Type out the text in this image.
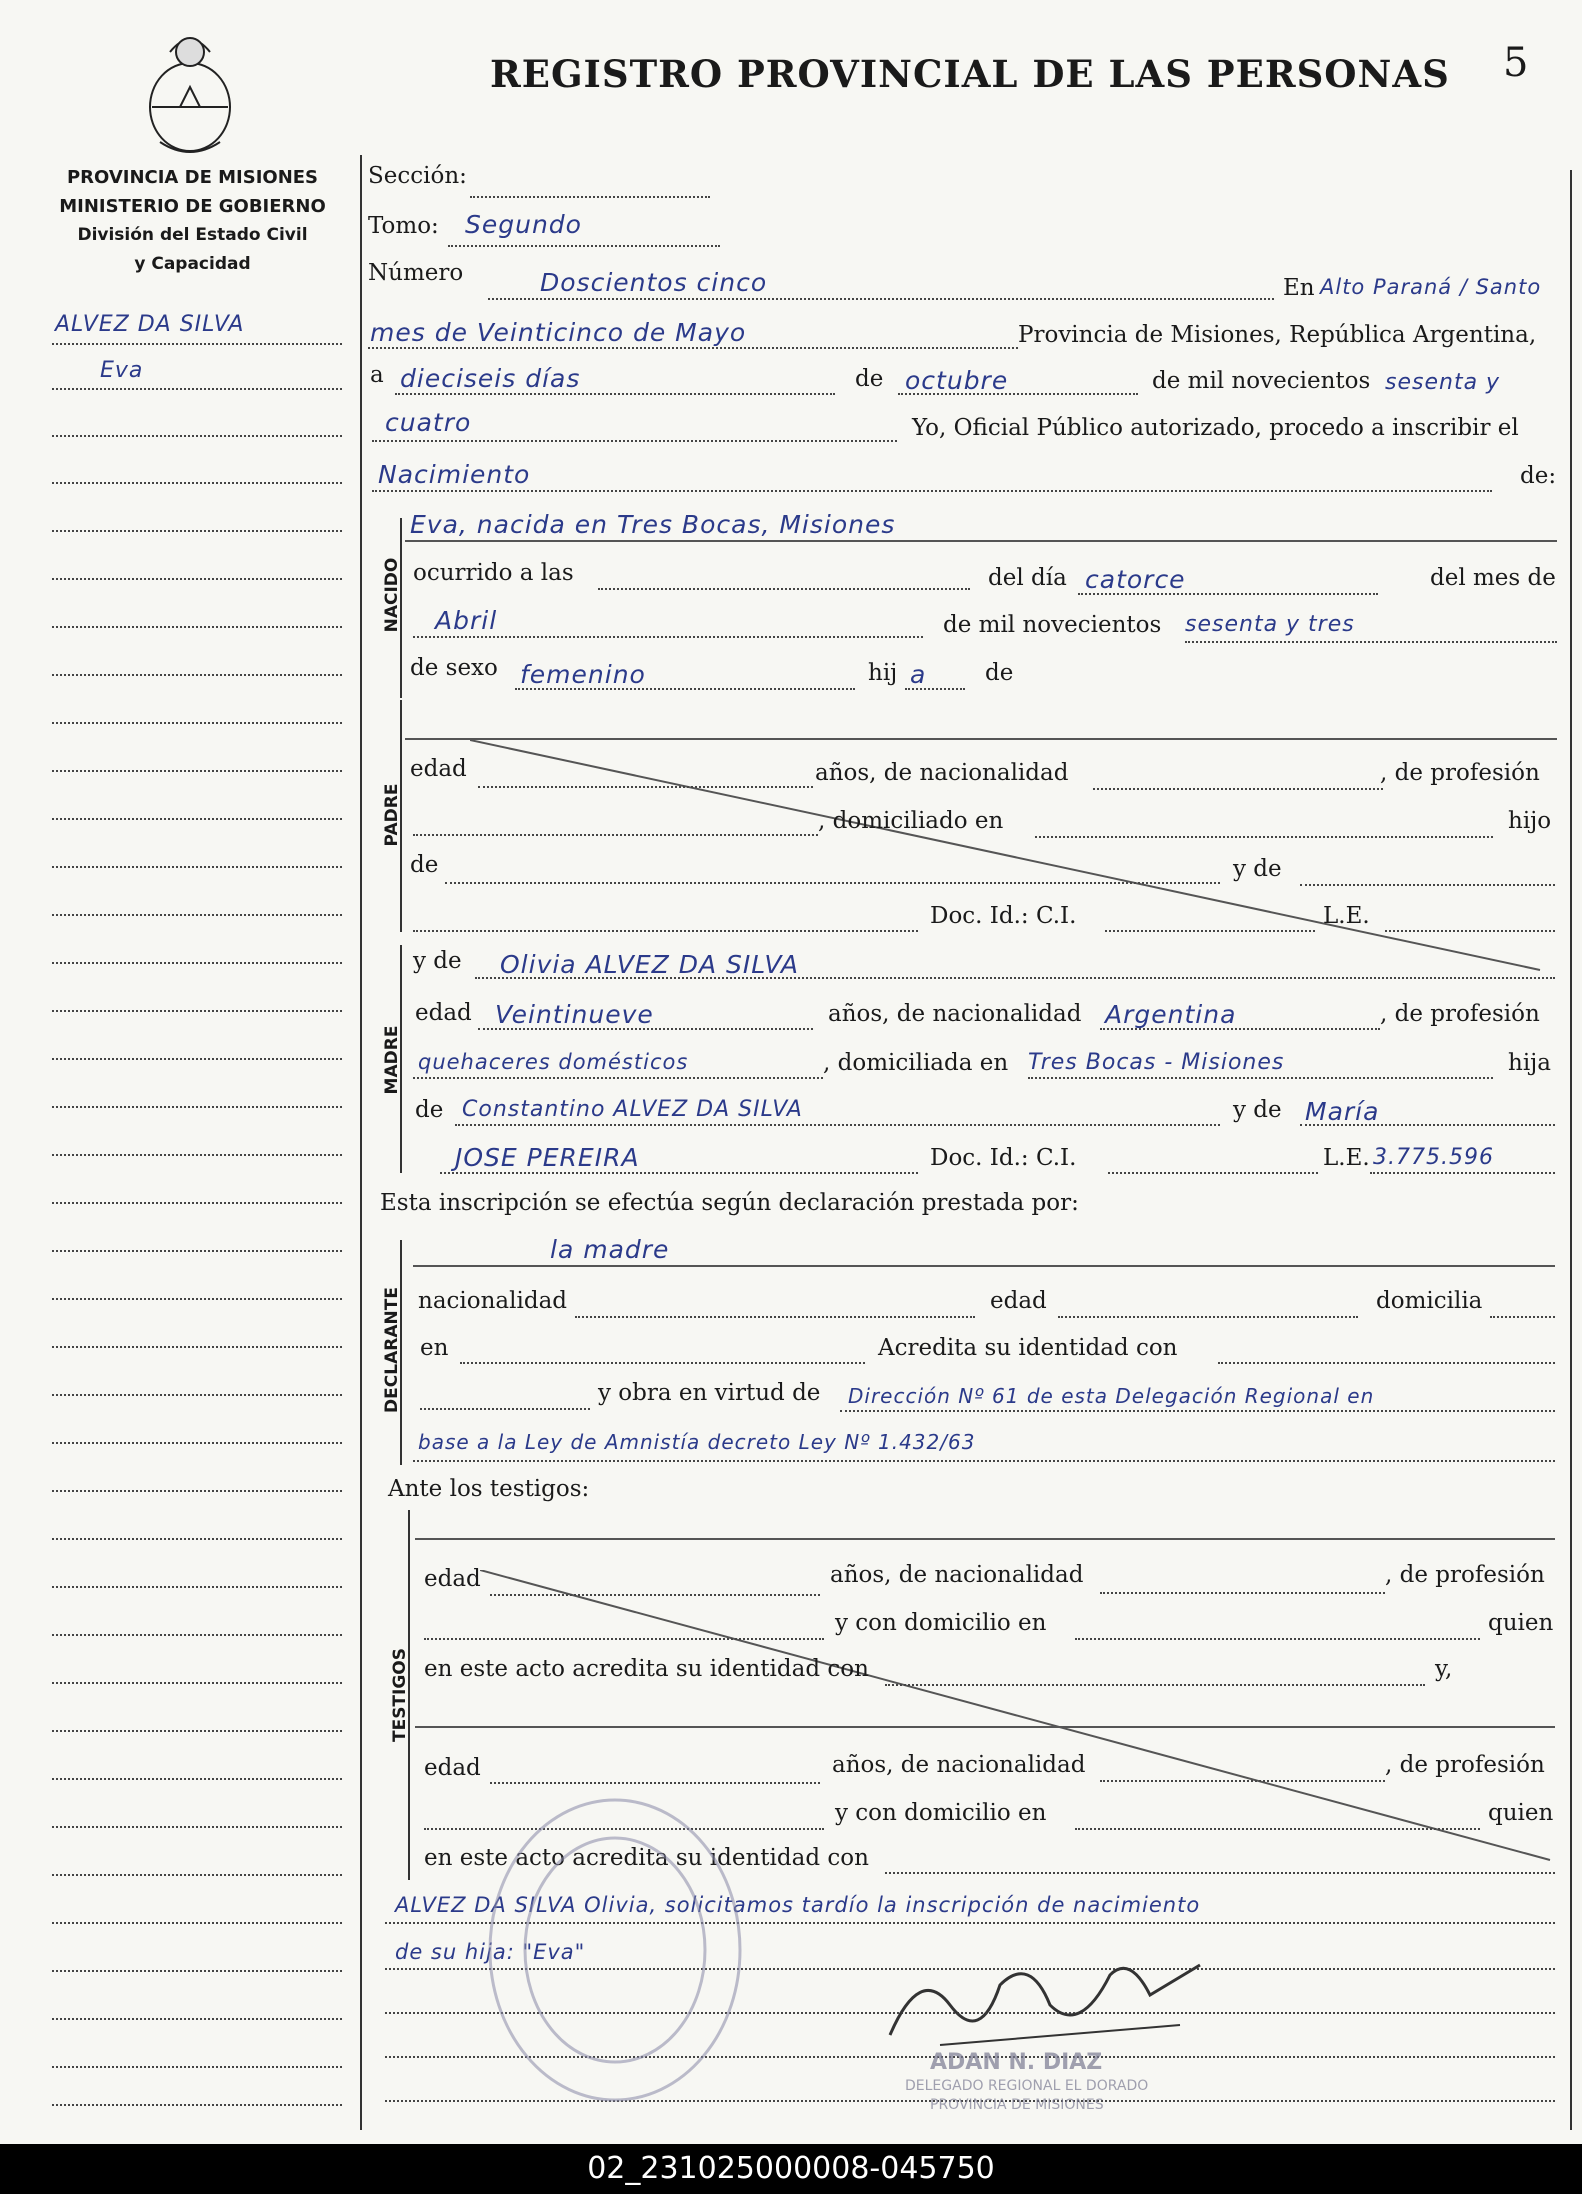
REGISTRO PROVINCIAL DE LAS PERSONAS 5
PROVINCIA DE MISIONES
MINISTERIO DE GOBIERNO
División del Estado Civil
y Capacidad
ALVEZ DA SILVA
Eva
Sección:
Tomo: Segundo
Número	Doscientos cinco	En Alto Paraná / Santo
mes de Veinticinco de Mayo	Provincia de Misiones, República Argentina,
a dieciseis días	de octubre	de mil novecientos sesenta y
cuatro	Yo, Oficial Público autorizado, procedo a inscribir el
Nacimiento	de:
NACIDO
Eva, nacida en Tres Bocas, Misiones
ocurrido a las	del día catorce	del mes de
Abril	de mil novecientos sesenta y tres
de sexo femenino	hij a	de
PADRE
edad	años, de nacionalidad	, de profesión
, domiciliado en	hijo
de	y de
Doc. Id.: C.I.	L.E.
MADRE
y de Olivia ALVEZ DA SILVA
edad Veintinueve	años, de nacionalidad Argentina	, de profesión
quehaceres domésticos	, domiciliada en Tres Bocas - Misiones	hija
de Constantino ALVEZ DA SILVA	y de María
JOSE PEREIRA	Doc. Id.: C.I.	L.E. 3.775.596
Esta inscripción se efectúa según declaración prestada por:
DECLARANTE
la madre
nacionalidad	edad	domicilia
en	Acredita su identidad con
y obra en virtud de Dirección Nº 61 de esta Delegación Regional en
base a la Ley de Amnistía decreto Ley Nº 1.432/63
Ante los testigos:
TESTIGOS
edad	años, de nacionalidad	, de profesión
y con domicilio en	quien
en este acto acredita su identidad con	y,
edad	años, de nacionalidad	, de profesión
y con domicilio en	quien
en este acto acredita su identidad con
ALVEZ DA SILVA Olivia, solicitamos tardío la inscripción de nacimiento
de su hija: "Eva"
ADAN N. DIAZ
DELEGADO REGIONAL EL DORADO
PROVINCIA DE MISIONES
02_231025000008-045750
